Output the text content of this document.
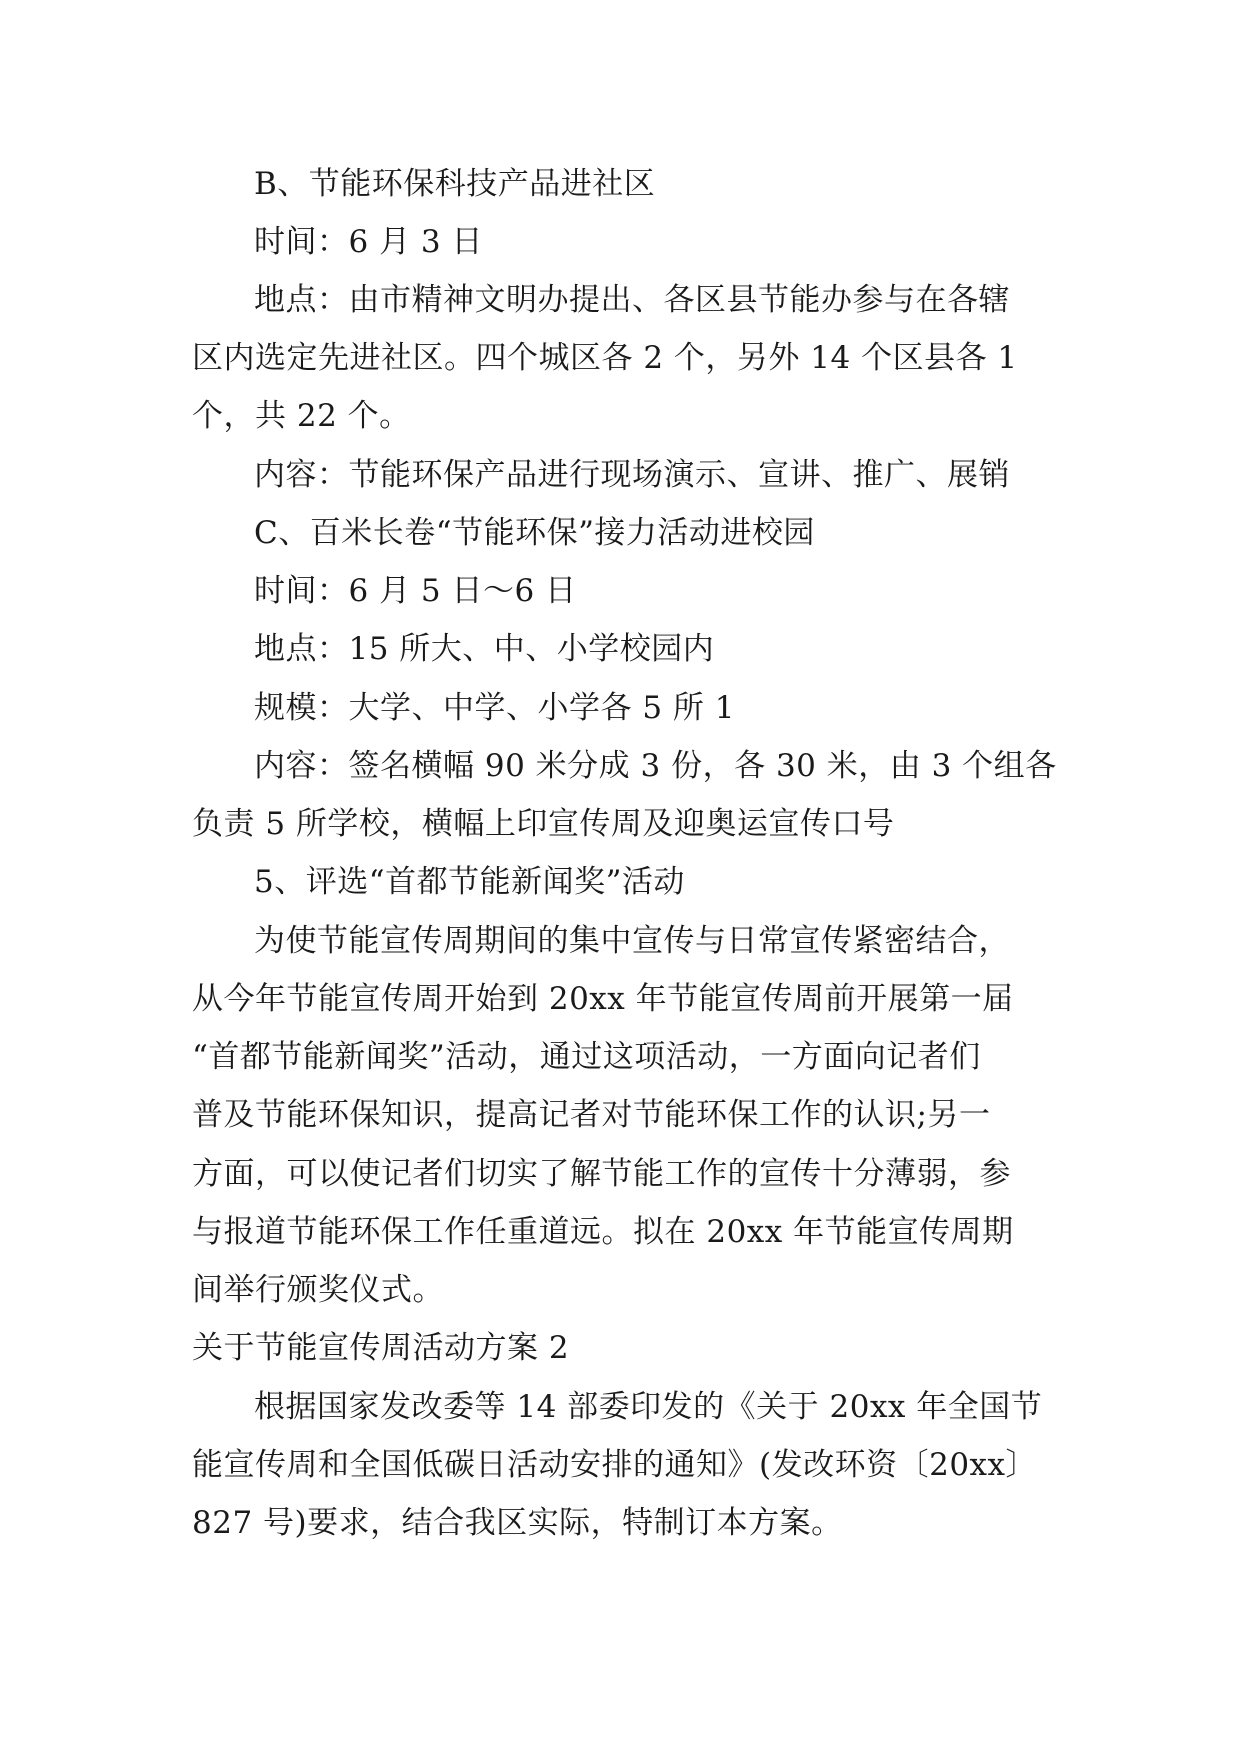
B、节能环保科技产品进社区
时间：6 月 3 日
地点：由市精神文明办提出、各区县节能办参与在各辖
区内选定先进社区。四个城区各 2 个，另外 14 个区县各 1
个，共 22 个。
内容：节能环保产品进行现场演示、宣讲、推广、展销
C、百米长卷“节能环保”接力活动进校园
时间：6 月 5 日～6 日
地点：15 所大、中、小学校园内
规模：大学、中学、小学各 5 所 1
内容：签名横幅 90 米分成 3 份，各 30 米，由 3 个组各
负责 5 所学校，横幅上印宣传周及迎奥运宣传口号
5、评选“首都节能新闻奖”活动
为使节能宣传周期间的集中宣传与日常宣传紧密结合，
从今年节能宣传周开始到 20xx 年节能宣传周前开展第一届
“首都节能新闻奖”活动，通过这项活动，一方面向记者们
普及节能环保知识，提高记者对节能环保工作的认识;另一
方面，可以使记者们切实了解节能工作的宣传十分薄弱，参
与报道节能环保工作任重道远。拟在 20xx 年节能宣传周期
间举行颁奖仪式。
关于节能宣传周活动方案 2
根据国家发改委等 14 部委印发的《关于 20xx 年全国节
能宣传周和全国低碳日活动安排的通知》(发改环资〔20xx〕
827 号)要求，结合我区实际，特制订本方案。
